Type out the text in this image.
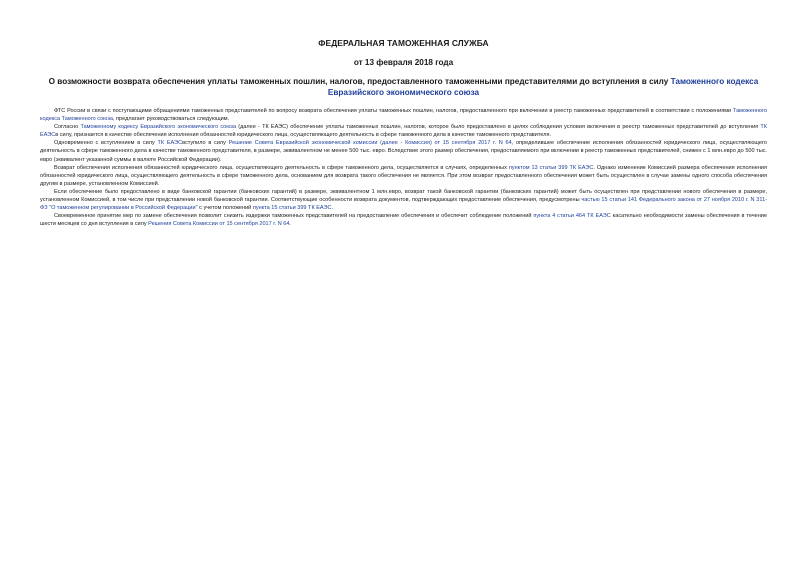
ФЕДЕРАЛЬНАЯ ТАМОЖЕННАЯ СЛУЖБА
от 13 февраля 2018 года
О возможности возврата обеспечения уплаты таможенных пошлин, налогов, предоставленного таможенными представителями до вступления в силу Таможенного кодекса Евразийского экономического союза

ФТС России в связи с поступающими обращениями таможенных представителей по вопросу возврата обеспечения уплаты таможенных пошлин, налогов, предоставленного при включении в реестр таможенных представителей в соответствии с положениями Таможенного кодекса Таможенного союза, предлагает руководствоваться следующим.

Согласно Таможенному кодексу Евразийского экономического союза (далее - ТК ЕАЭС) обеспечение уплаты таможенных пошлин, налогов, которое было предоставлено в целях соблюдения условия включения в реестр таможенных представителей до вступления ТК ЕАЭСв силу, признается в качестве обеспечения исполнения обязанностей юридического лица, осуществляющего деятельность в сфере таможенного дела в качестве таможенного представителя.

Одновременно с вступлением в силу ТК ЕАЭСвступило в силу Решение Совета Евразийской экономической комиссии (далее - Комиссия) от 15 сентября 2017 г. N 64, определившее обеспечение исполнения обязанностей юридического лица, осуществляющего деятельность в сфере таможенного дела в качестве таможенного представителя, в размере, эквивалентном не менее 500 тыс. евро. Вследствие этого размер обеспечения, предоставляемого при включении в реестр таможенных представителей, снижен с 1 млн.евро до 500 тыс. евро (эквивалент указанной суммы в валюте Российской Федерации).

Возврат обеспечения исполнения обязанностей юридического лица, осуществляющего деятельность в сфере таможенного дела, осуществляется в случаях, определенных пунктом 13 статьи 399 ТК ЕАЭС. Однако изменение Комиссией размера обеспечения исполнения обязанностей юридического лица, осуществляющего деятельность в сфере таможенного дела, основанием для возврата такого обеспечения не является. При этом возврат предоставленного обеспечения может быть осуществлен в случае замены одного способа обеспечения другим в размере, установленном Комиссией.

Если обеспечение было предоставлено в виде банковской гарантии (банковских гарантий) в размере, эквивалентном 1 млн.евро, возврат такой банковской гарантии (банковских гарантий) может быть осуществлен при представлении нового обеспечения в размере, установленном Комиссией, в том числе при представлении новой банковской гарантии. Соответствующие особенности возврата документов, подтверждающих предоставление обеспечения, предусмотрены частью 15 статьи 141 Федерального закона от 27 ноября 2010 г. N 311-ФЗ "О таможенном регулировании в Российской Федерации" с учетом положений пункта 15 статьи 399 ТК ЕАЭС.

Своевременное принятие мер по замене обеспечения позволит снизить издержки таможенных представителей на предоставление обеспечения и обеспечит соблюдение положений пункта 4 статьи 464 ТК ЕАЭС касательно необходимости замены обеспечения в течение шести месяцев со дня вступления в силу Решения Совета Комиссии от 15 сентября 2017 г. N 64.
